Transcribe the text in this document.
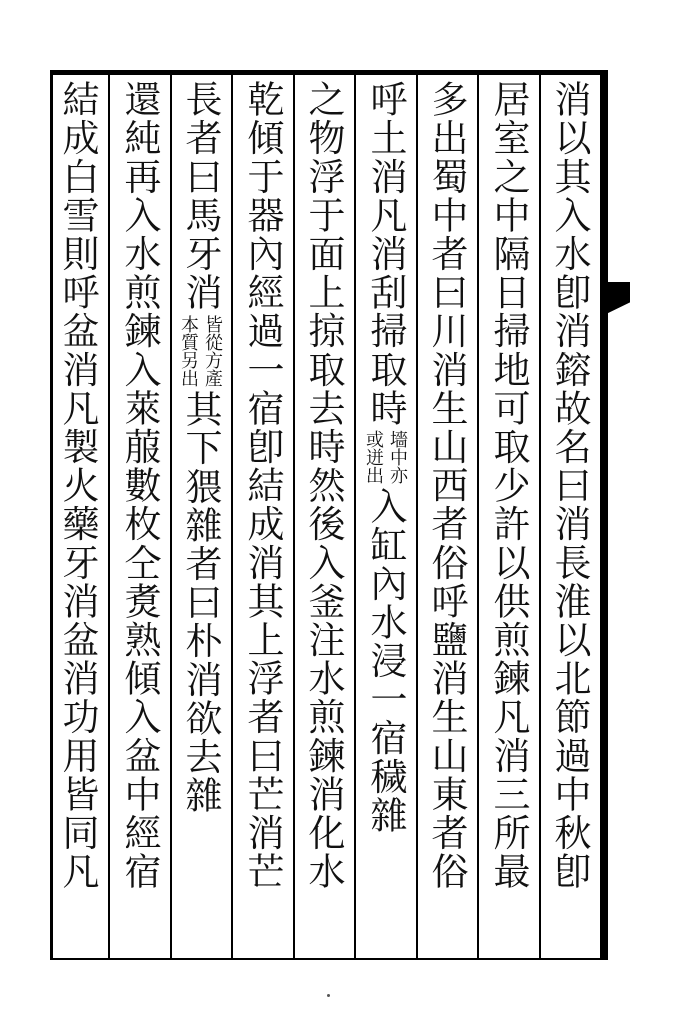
消以其入水卽消鎔故名曰消長淮以北節過中秋卽
居室之中隔日掃地可取少許以供煎鍊凡消三所最
多出蜀中者曰川消生山西者俗呼鹽消生山東者俗
呼土消凡消刮掃取時
墻中亦
或迸出
入缸內水浸一宿穢雜
之物浮于面上掠取去時然後入釜注水煎鍊消化水
乾傾于器內經過一宿卽結成消其上浮者曰芒消芒
長者曰馬牙消
皆從方產
本質另出
其下猥雜者曰朴消欲去雜
還純再入水煎鍊入萊菔數枚仝煑熟傾入盆中經宿
結成白雪則呼盆消凡製火藥牙消盆消功用皆同凡
